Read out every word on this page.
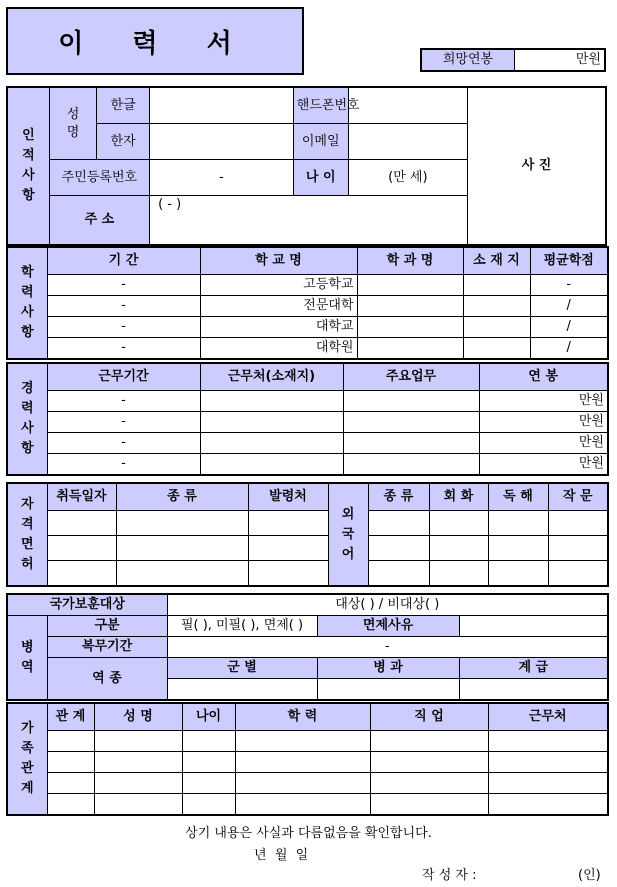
이 력 서
희망연봉	만원
인적사항	성명	한글		핸드폰번호		사 진
		한자		이메일		
	주민등록번호		-	나 이	(만 세)	
	주 소		( - )			
학력사항	기 간	학 교 명	학 과 명	소 재 지	평균학점
	-	고등학교			-
	-	전문대학			/
	-	대학교			/
	-	대학원			/
경력사항	근무기간	근무처(소재지)	주요업무	연 봉
	-			만원
	-			만원
	-			만원
	-			만원
자격면허	취득일자	종 류	발령처	외국어	종 류	회 화	독 해	작 문

국가보훈대상		대상( ) / 비대상( )		
병역	구분	필( ), 미필( ), 면제( )	면제사유	
	복무기간	-		
	역 종	군 별	병 과	계 급

가족관계	관 계	성 명	나이	학 력	직 업	근무처

상기 내용은 사실과 다름없음을 확인합니다.
년  월  일
작 성 자 :	(인)
